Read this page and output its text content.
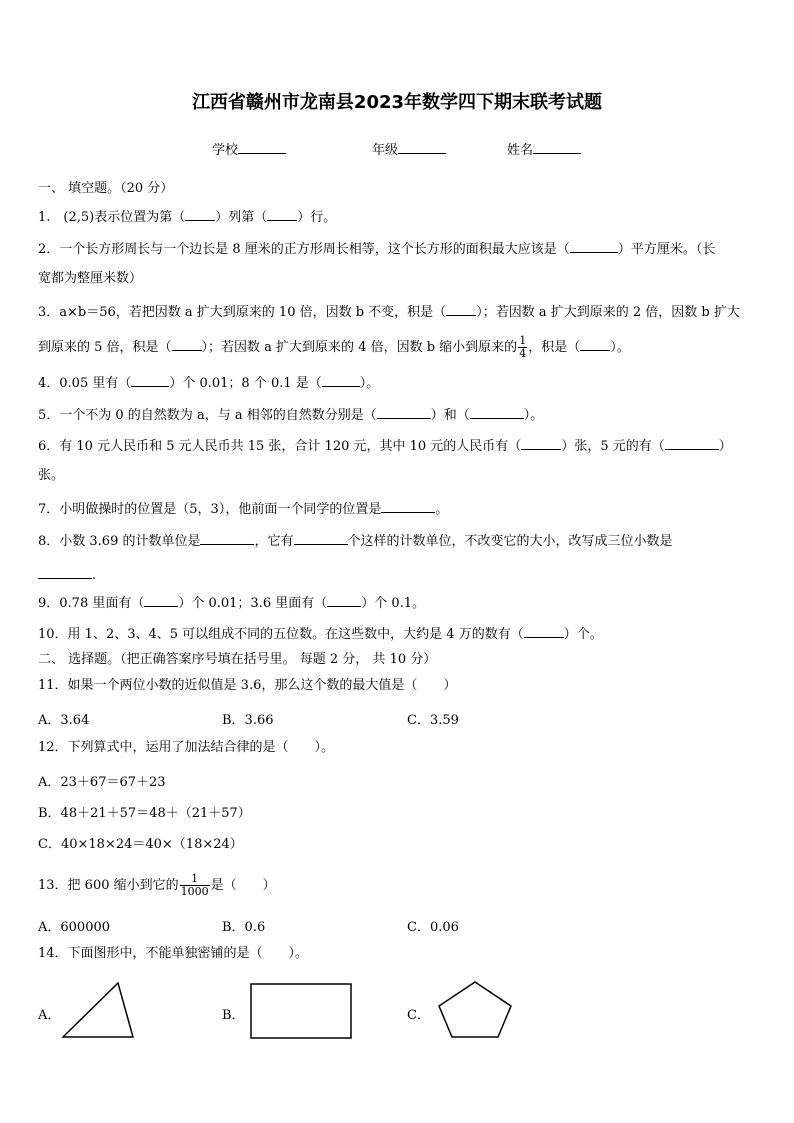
江西省赣州市龙南县2023年数学四下期末联考试题
学校	年级	姓名
一、 填空题。（20 分）
1.　(2,5)表示位置为第（ ）列第（ ）行。
2．一个长方形周长与一个边长是 8 厘米的正方形周长相等，这个长方形的面积最大应该是（	）平方厘米。（长
宽都为整厘米数）
3．a×b＝56，若把因数 a 扩大到原来的 10 倍，因数 b 不变，积是（ ）；若因数 a 扩大到原来的 2 倍，因数 b 扩大
到原来的 5 倍，积是（ ）；若因数 a 扩大到原来的 4 倍，因数 b 缩小到原来的 $\frac{1}{4}$ ，积是（ ）。
4．0.05 里有（	）个 0.01；8 个 0.1 是（	）。
5．一个不为 0 的自然数为 a，与 a 相邻的自然数分别是（	）和（	）。
6．有 10 元人民币和 5 元人民币共 15 张，合计 120 元，其中 10 元的人民币有（	）张，5 元的有（	）
张。
7．小明做操时的位置是（5，3），他前面一个同学的位置是	。
8．小数 3.69 的计数单位是	，它有	个这样的计数单位，不改变它的大小，改写成三位小数是
.
9．0.78 里面有（	）个 0.01；3.6 里面有（	）个 0.1。
10．用 1、2、3、4、5 可以组成不同的五位数。在这些数中，大约是 4 万的数有（	）个。
二、 选择题。（把正确答案序号填在括号里。 每题 2 分， 共 10 分）
11．如果一个两位小数的近似值是 3.6，那么这个数的最大值是（　　）
A．3.64	B．3.66	C．3.59
12．下列算式中，运用了加法结合律的是（　　）。
A．23＋67＝67＋23
B．48＋21＋57＝48＋（21＋57）
C．40×18×24＝40×（18×24）
13．把 600 缩小到它的 $\frac{1}{1000}$ 是（　　）
A．600000	B．0.6	C．0.06
14．下面图形中，不能单独密铺的是（　　）。
A．	B．	C．
